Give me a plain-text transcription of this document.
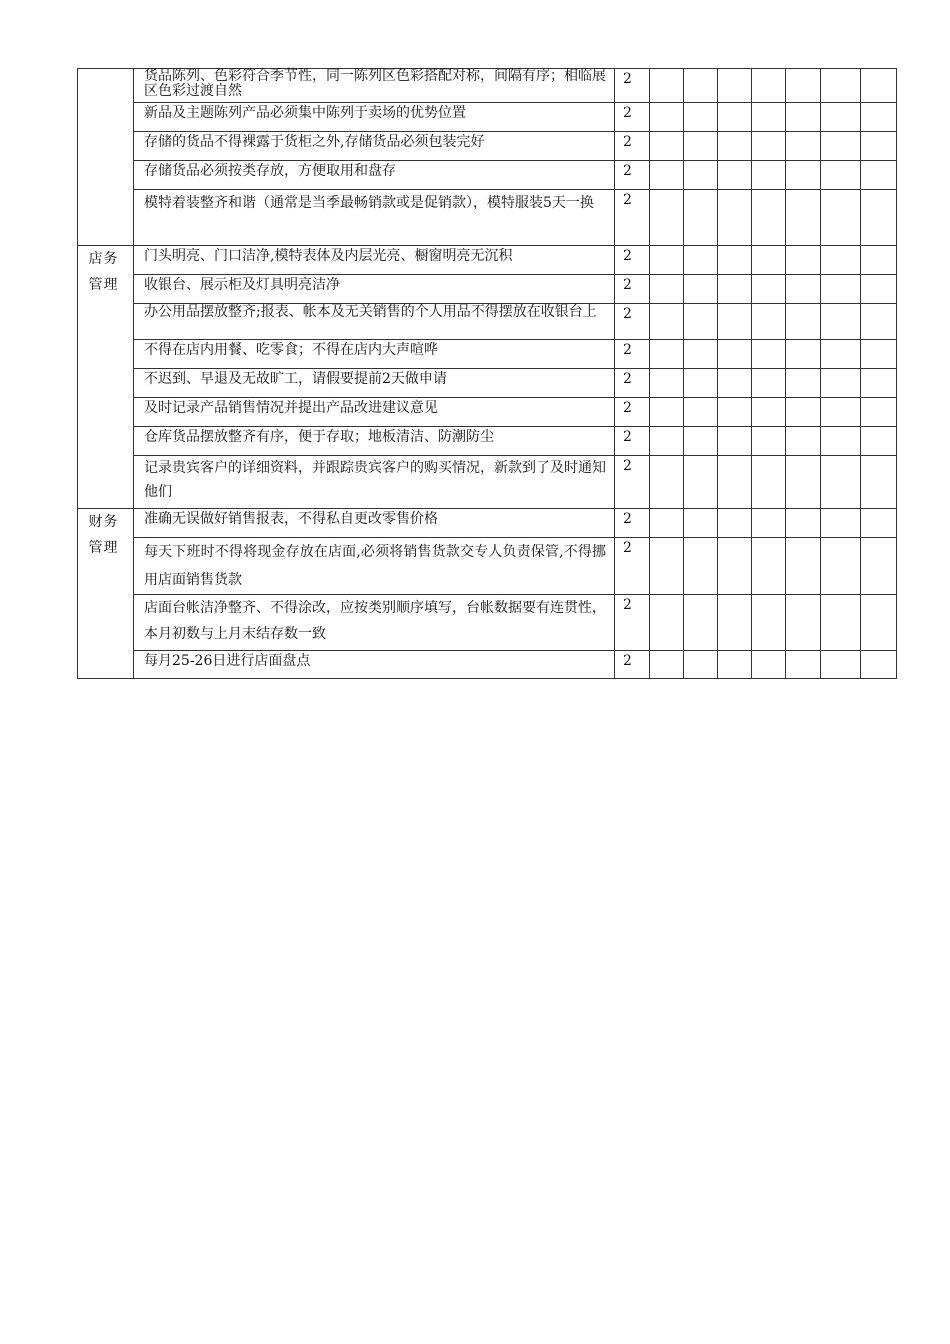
	货品陈列、色彩符合季节性，同一陈列区色彩搭配对称，间隔有序；相临展区色彩过渡自然	2							

	新品及主题陈列产品必须集中陈列于卖场的优势位置	2							

	存储的货品不得裸露于货柜之外,存储货品必须包装完好	2							

	存储货品必须按类存放，方便取用和盘存	2							

	模特着装整齐和谐（通常是当季最畅销款或是促销款），模特服装5天一换	2							

店务管理	门头明亮、门口洁净,模特表体及内层光亮、橱窗明亮无沉积	2							

	收银台、展示柜及灯具明亮洁净	2							

	办公用品摆放整齐;报表、帐本及无关销售的个人用品不得摆放在收银台上	2							

	不得在店内用餐、吃零食；不得在店内大声喧哗	2							

	不迟到、早退及无故旷工，请假要提前2天做申请	2							

	及时记录产品销售情况并提出产品改进建议意见	2							

	仓库货品摆放整齐有序，便于存取；地板清洁、防潮防尘	2							

	记录贵宾客户的详细资料，并跟踪贵宾客户的购买情况，新款到了及时通知他们	2							

财务管理	准确无误做好销售报表，不得私自更改零售价格	2							

	每天下班时不得将现金存放在店面,必须将销售货款交专人负责保管,不得挪用店面销售货款	2							

	店面台帐洁净整齐、不得涂改，应按类别顺序填写，台帐数据要有连贯性，本月初数与上月末结存数一致	2							

	每月25-26日进行店面盘点	2							
